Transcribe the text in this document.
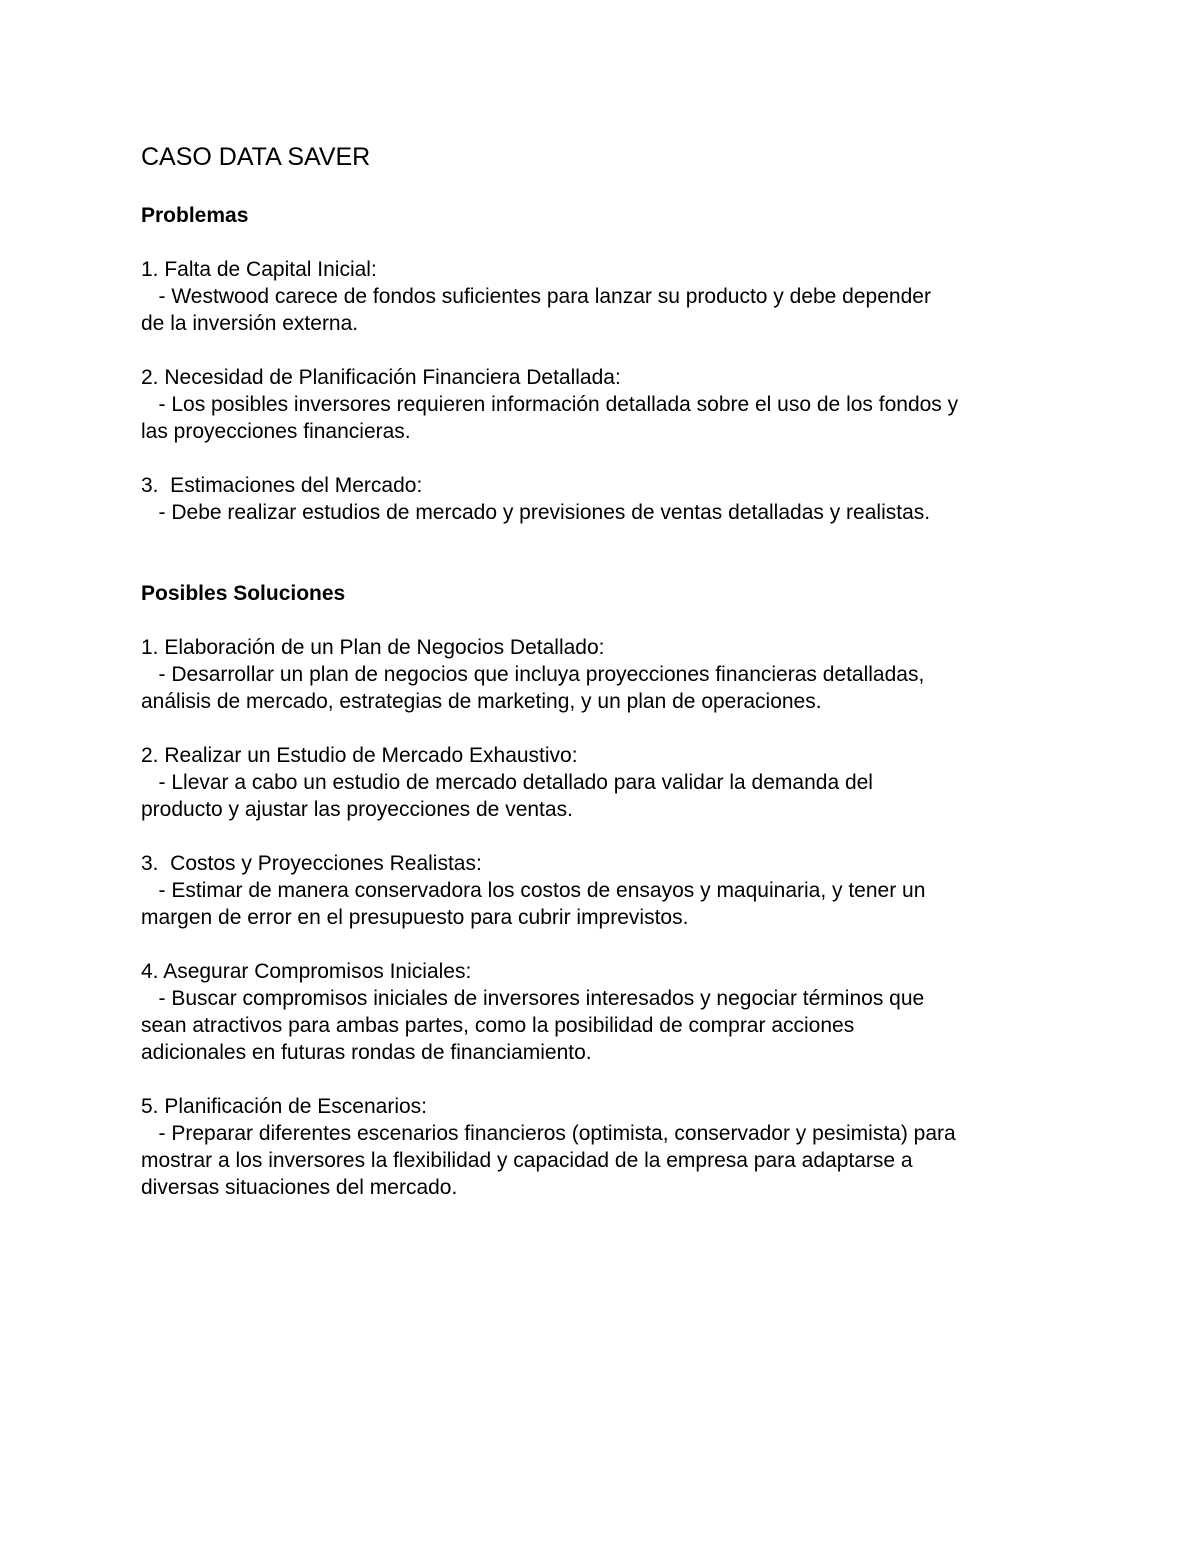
CASO DATA SAVER
Problemas
1. Falta de Capital Inicial:
- Westwood carece de fondos suficientes para lanzar su producto y debe depender
de la inversión externa.
2. Necesidad de Planificación Financiera Detallada:
- Los posibles inversores requieren información detallada sobre el uso de los fondos y
las proyecciones financieras.
3.  Estimaciones del Mercado:
- Debe realizar estudios de mercado y previsiones de ventas detalladas y realistas.
Posibles Soluciones
1. Elaboración de un Plan de Negocios Detallado:
- Desarrollar un plan de negocios que incluya proyecciones financieras detalladas,
análisis de mercado, estrategias de marketing, y un plan de operaciones.
2. Realizar un Estudio de Mercado Exhaustivo:
- Llevar a cabo un estudio de mercado detallado para validar la demanda del
producto y ajustar las proyecciones de ventas.
3.  Costos y Proyecciones Realistas:
- Estimar de manera conservadora los costos de ensayos y maquinaria, y tener un
margen de error en el presupuesto para cubrir imprevistos.
4. Asegurar Compromisos Iniciales:
- Buscar compromisos iniciales de inversores interesados y negociar términos que
sean atractivos para ambas partes, como la posibilidad de comprar acciones
adicionales en futuras rondas de financiamiento.
5. Planificación de Escenarios:
- Preparar diferentes escenarios financieros (optimista, conservador y pesimista) para
mostrar a los inversores la flexibilidad y capacidad de la empresa para adaptarse a
diversas situaciones del mercado.
